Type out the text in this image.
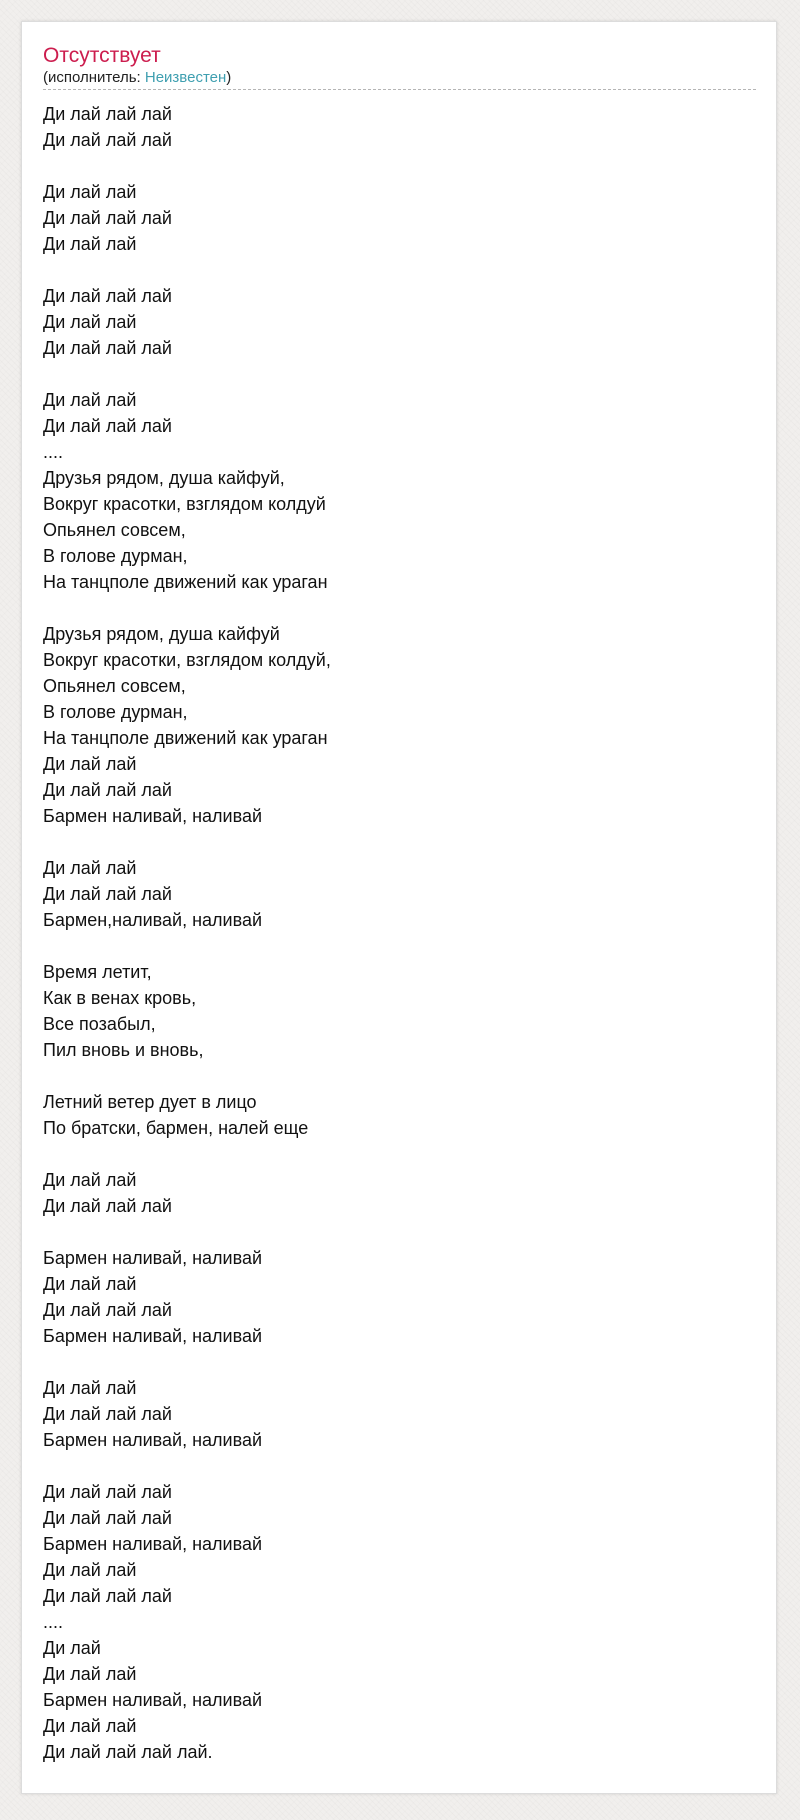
Отсутствует
(исполнитель: Неизвестен)
Ди лай лай лай
Ди лай лай лай
Ди лай лай
Ди лай лай лай
Ди лай лай
Ди лай лай лай
Ди лай лай
Ди лай лай лай
Ди лай лай
Ди лай лай лай
....
Друзья рядом, душа кайфуй,
Вокруг красотки, взглядом колдуй
Опьянел совсем,
В голове дурман,
На танцполе движений как ураган
Друзья рядом, душа кайфуй
Вокруг красотки, взглядом колдуй,
Опьянел совсем,
В голове дурман,
На танцполе движений как ураган
Ди лай лай
Ди лай лай лай
Бармен наливай, наливай
Ди лай лай
Ди лай лай лай
Бармен,наливай, наливай
Время летит,
Как в венах кровь,
Все позабыл,
Пил вновь и вновь,
Летний ветер дует в лицо
По братски, бармен, налей еще
Ди лай лай
Ди лай лай лай
Бармен наливай, наливай
Ди лай лай
Ди лай лай лай
Бармен наливай, наливай
Ди лай лай
Ди лай лай лай
Бармен наливай, наливай
Ди лай лай лай
Ди лай лай лай
Бармен наливай, наливай
Ди лай лай
Ди лай лай лай
....
Ди лай
Ди лай лай
Бармен наливай, наливай
Ди лай лай
Ди лай лай лай лай.
